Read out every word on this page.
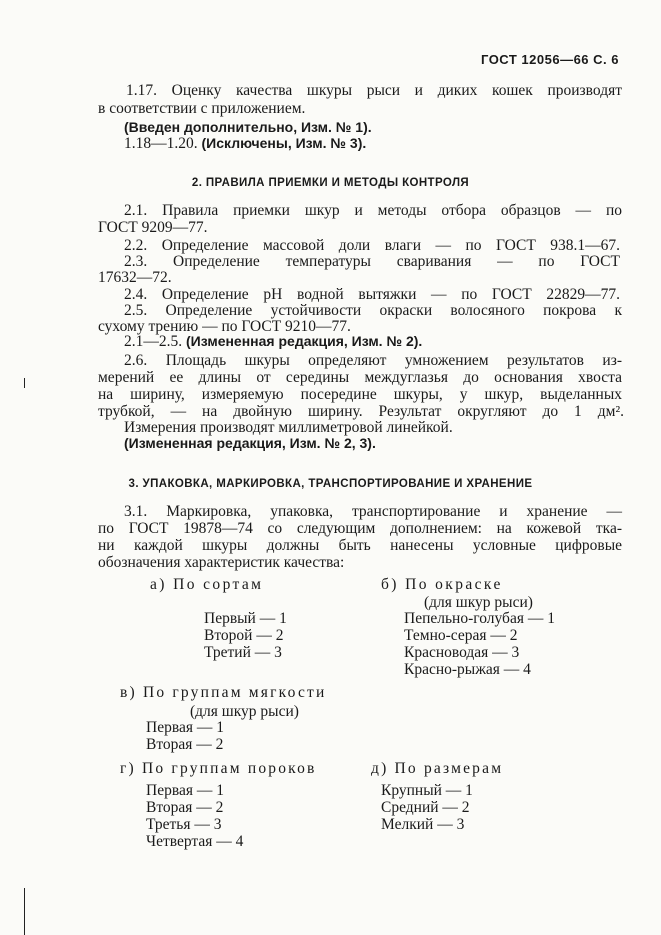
ГОСТ 12056—66 С. 6
1.17. Оценку качества шкуры рыси и диких кошек производят
в соответствии с приложением.
(Введен дополнительно, Изм. № 1).
1.18—1.20. (Исключены, Изм. № 3).
2. ПРАВИЛА ПРИЕМКИ И МЕТОДЫ КОНТРОЛЯ
2.1. Правила приемки шкур и методы отбора образцов — по
ГОСТ 9209—77.
2.2. Определение массовой доли влаги — по ГОСТ 938.1—67.
2.3. Определение температуры сваривания — по ГОСТ
17632—72.
2.4. Определение pH водной вытяжки — по ГОСТ 22829—77.
2.5. Определение устойчивости окраски волосяного покрова к
сухому трению — по ГОСТ 9210—77.
2.1—2.5. (Измененная редакция, Изм. № 2).
2.6. Площадь шкуры определяют умножением результатов из-
мерений ее длины от середины междуглазья до основания хвоста
на ширину, измеряемую посередине шкуры, у шкур, выделанных
трубкой, — на двойную ширину. Результат округляют до 1 дм².
Измерения производят миллиметровой линейкой.
(Измененная редакция, Изм. № 2, 3).
3. УПАКОВКА, МАРКИРОВКА, ТРАНСПОРТИРОВАНИЕ И ХРАНЕНИЕ
3.1. Маркировка, упаковка, транспортирование и хранение —
по ГОСТ 19878—74 со следующим дополнением: на кожевой тка-
ни каждой шкуры должны быть нанесены условные цифровые
обозначения характеристик качества:
а) По сортам
Первый — 1
Второй — 2
Третий — 3
б) По окраске
(для шкур рыси)
Пепельно-голубая — 1
Темно-серая — 2
Красноводая — 3
Красно-рыжая — 4
в) По группам мягкости
(для шкур рыси)
Первая — 1
Вторая — 2
г) По группам пороков
Первая — 1
Вторая — 2
Третья — 3
Четвертая — 4
д) По размерам
Крупный — 1
Средний — 2
Мелкий — 3
